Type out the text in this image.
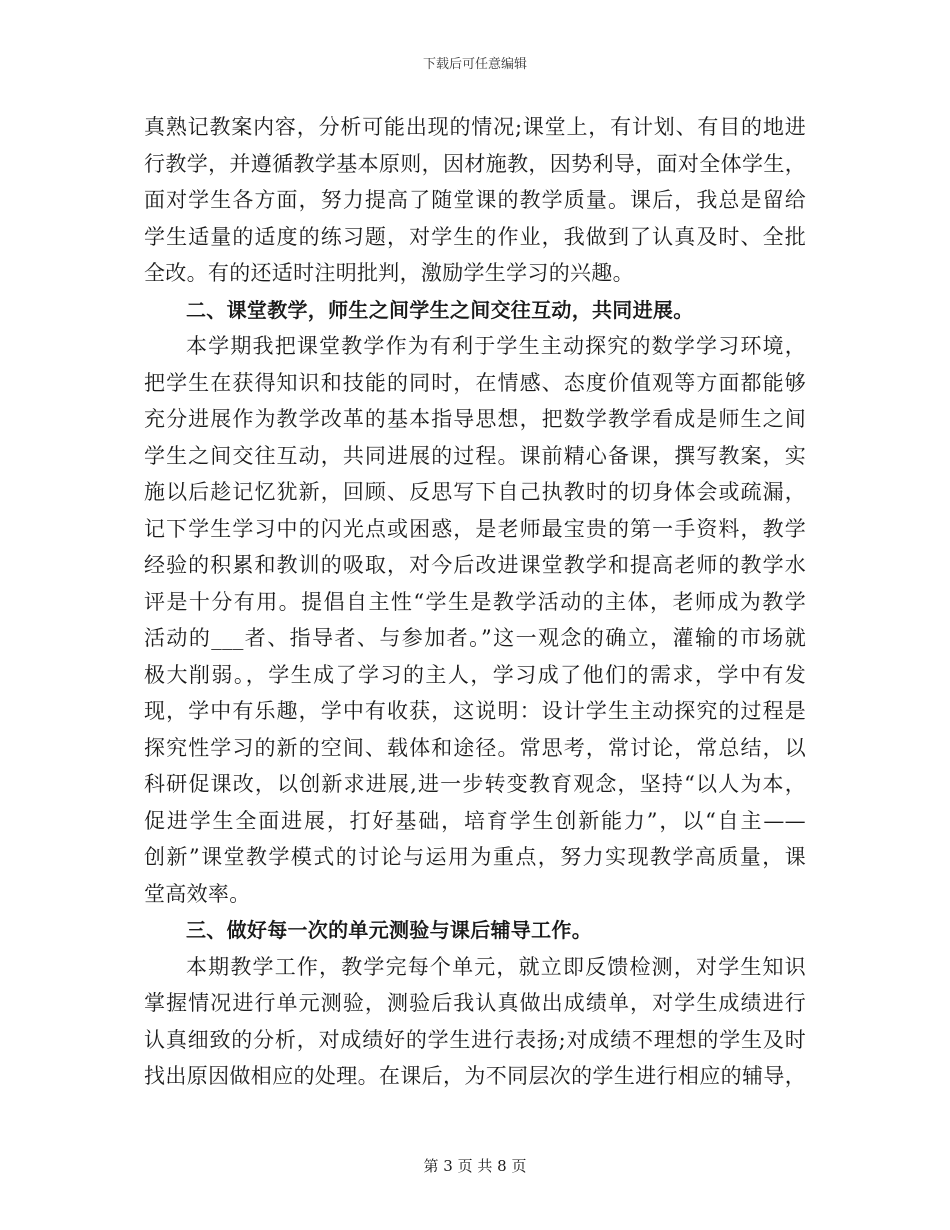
下载后可任意编辑
真熟记教案内容，分析可能出现的情况;课堂上，有计划、有目的地进
行教学，并遵循教学基本原则，因材施教，因势利导，面对全体学生，
面对学生各方面，努力提高了随堂课的教学质量。课后，我总是留给
学生适量的适度的练习题，对学生的作业，我做到了认真及时、全批
全改。有的还适时注明批判，激励学生学习的兴趣。
二、课堂教学，师生之间学生之间交往互动，共同进展。
本学期我把课堂教学作为有利于学生主动探究的数学学习环境，
把学生在获得知识和技能的同时，在情感、态度价值观等方面都能够
充分进展作为教学改革的基本指导思想，把数学教学看成是师生之间
学生之间交往互动，共同进展的过程。课前精心备课，撰写教案，实
施以后趁记忆犹新，回顾、反思写下自己执教时的切身体会或疏漏，
记下学生学习中的闪光点或困惑，是老师最宝贵的第一手资料，教学
经验的积累和教训的吸取，对今后改进课堂教学和提高老师的教学水
评是十分有用。提倡自主性“学生是教学活动的主体，老师成为教学
活动的___者、指导者、与参加者。”这一观念的确立，灌输的市场就
极大削弱。，学生成了学习的主人，学习成了他们的需求，学中有发
现，学中有乐趣，学中有收获，这说明：设计学生主动探究的过程是
探究性学习的新的空间、载体和途径。常思考，常讨论，常总结，以
科研促课改，以创新求进展,进一步转变教育观念，坚持“以人为本，
促进学生全面进展，打好基础，培育学生创新能力”，以“自主——
创新”课堂教学模式的讨论与运用为重点，努力实现教学高质量，课
堂高效率。
三、做好每一次的单元测验与课后辅导工作。
本期教学工作，教学完每个单元，就立即反馈检测，对学生知识
掌握情况进行单元测验，测验后我认真做出成绩单，对学生成绩进行
认真细致的分析，对成绩好的学生进行表扬;对成绩不理想的学生及时
找出原因做相应的处理。在课后，为不同层次的学生进行相应的辅导，
第 3 页 共 8 页
